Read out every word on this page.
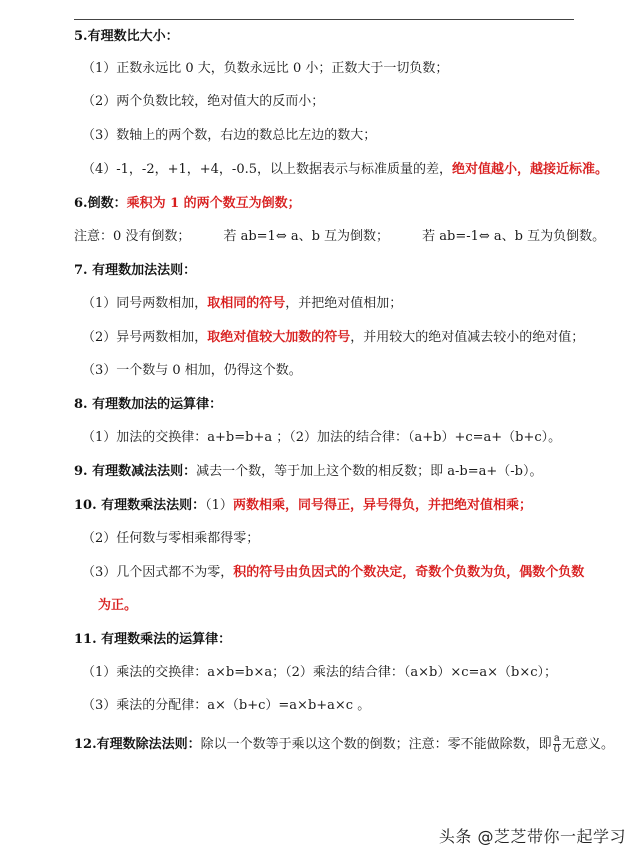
5.有理数比大小：
（1）正数永远比 0 大，负数永远比 0 小；正数大于一切负数；
（2）两个负数比较，绝对值大的反而小；
（3）数轴上的两个数，右边的数总比左边的数大；
（4）-1，-2，+1，+4，-0.5，以上数据表示与标准质量的差，绝对值越小，越接近标准。
6.倒数：乘积为 1 的两个数互为倒数；
注意：0 没有倒数；        若 ab=1⇔ a、b 互为倒数；        若 ab=-1⇔ a、b 互为负倒数。
7. 有理数加法法则：
（1）同号两数相加，取相同的符号，并把绝对值相加；
（2）异号两数相加，取绝对值较大加数的符号，并用较大的绝对值减去较小的绝对值；
（3）一个数与 0 相加，仍得这个数。
8. 有理数加法的运算律：
（1）加法的交换律：a+b=b+a ；（2）加法的结合律：（a+b）+c=a+（b+c）。
9. 有理数减法法则：减去一个数，等于加上这个数的相反数；即 a-b=a+（-b）。
10. 有理数乘法法则：（1）两数相乘，同号得正，异号得负，并把绝对值相乘；
（2）任何数与零相乘都得零；
（3）几个因式都不为零，积的符号由负因式的个数决定，奇数个负数为负，偶数个负数
为正。
11. 有理数乘法的运算律：
（1）乘法的交换律：a×b=b×a；（2）乘法的结合律：（a×b）×c=a×（b×c）；
（3）乘法的分配律：a×（b+c）=a×b+a×c 。
12.有理数除法法则：除以一个数等于乘以这个数的倒数；注意：零不能做除数，即 $\frac{a}{0}$ 无意义。
头条 @芝芝带你一起学习
